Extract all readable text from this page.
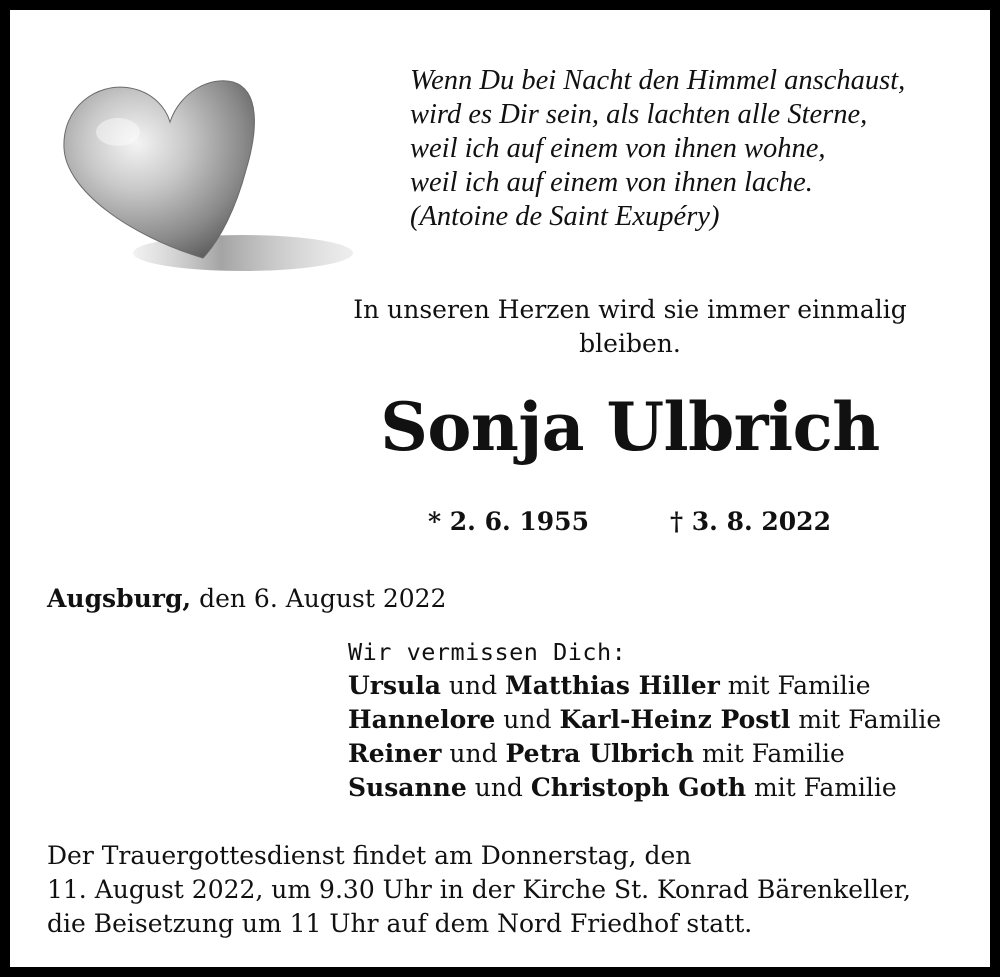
Wenn Du bei Nacht den Himmel anschaust,
wird es Dir sein, als lachten alle Sterne,
weil ich auf einem von ihnen wohne,
weil ich auf einem von ihnen lache.
(Antoine de Saint Exupéry)
In unseren Herzen wird sie immer einmalig
bleiben.
Sonja Ulbrich
* 2. 6. 1955	† 3. 8. 2022
Augsburg, den 6. August 2022
Wir vermissen Dich:
Ursula und Matthias Hiller mit Familie
Hannelore und Karl-Heinz Postl mit Familie
Reiner und Petra Ulbrich mit Familie
Susanne und Christoph Goth mit Familie
Der Trauergottesdienst findet am Donnerstag, den
11. August 2022, um 9.30 Uhr in der Kirche St. Konrad Bärenkeller,
die Beisetzung um 11 Uhr auf dem Nord Friedhof statt.
